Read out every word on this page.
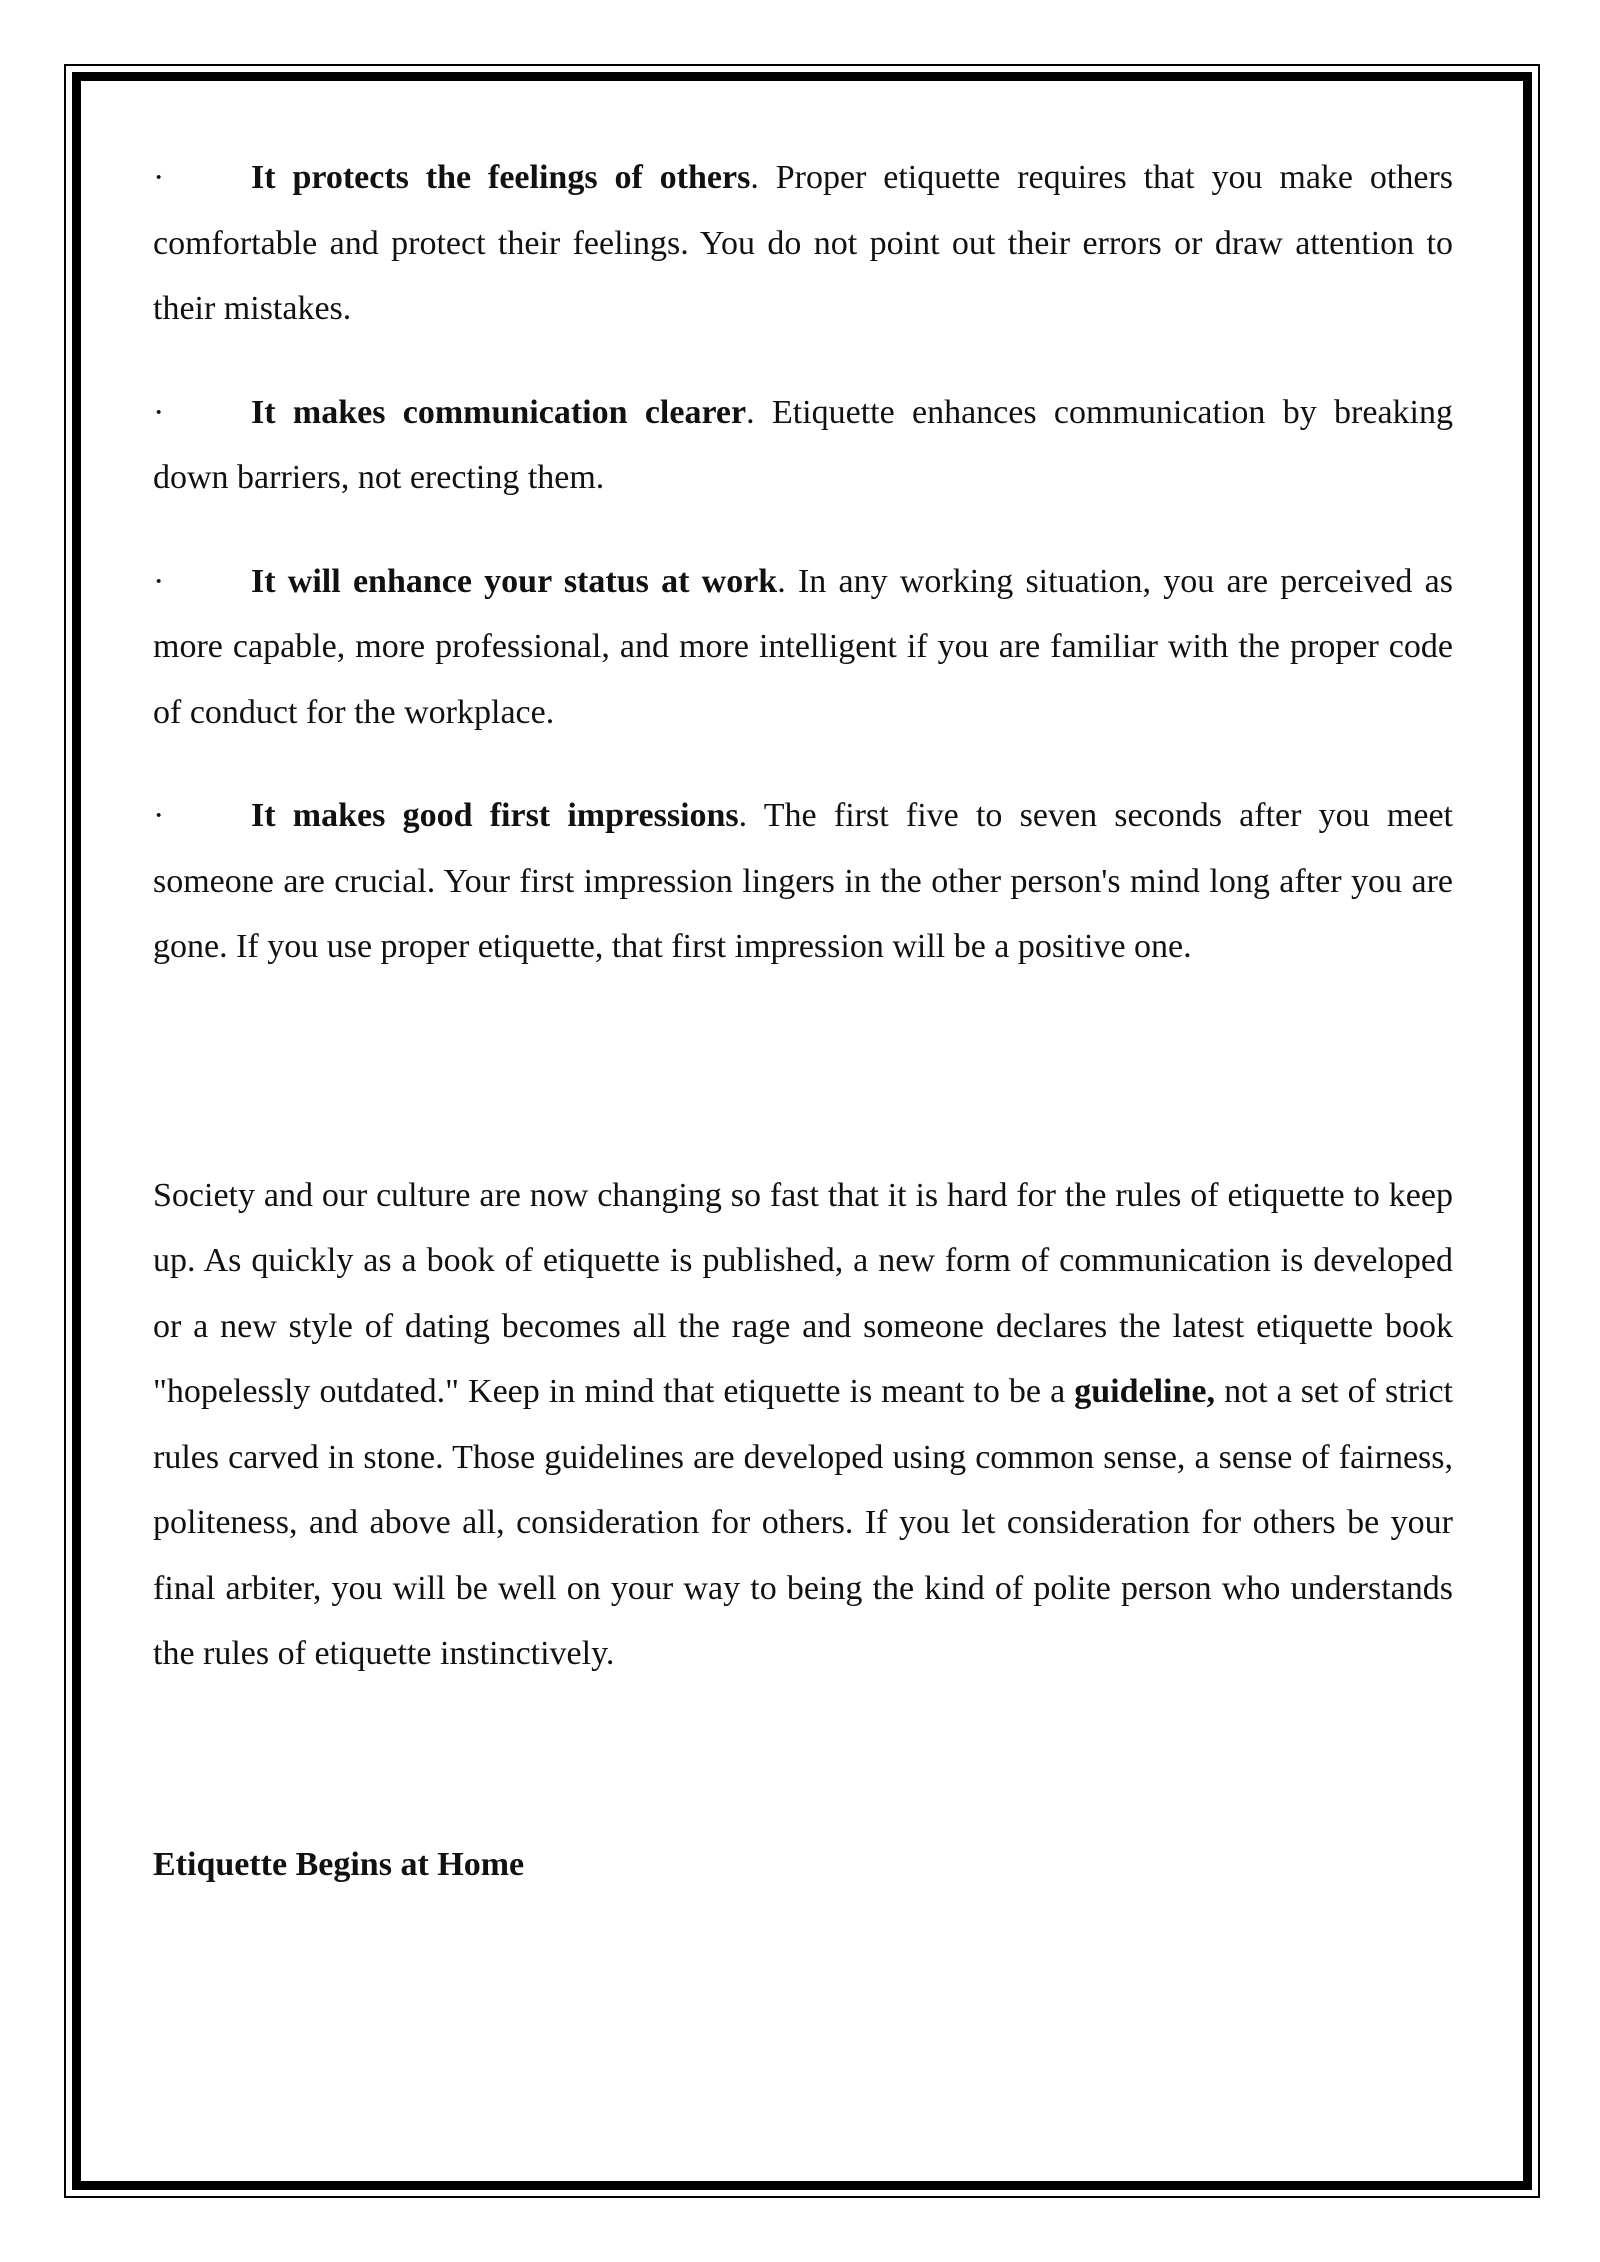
·	It protects the feelings of others. Proper etiquette requires that you make others comfortable and protect their feelings. You do not point out their errors or draw attention to their mistakes.

·	It makes communication clearer. Etiquette enhances communication by breaking down barriers, not erecting them.

·	It will enhance your status at work. In any working situation, you are perceived as more capable, more professional, and more intelligent if you are familiar with the proper code of conduct for the workplace.

·	It makes good first impressions. The first five to seven seconds after you meet someone are crucial. Your first impression lingers in the other person's mind long after you are gone. If you use proper etiquette, that first impression will be a positive one.

Society and our culture are now changing so fast that it is hard for the rules of etiquette to keep up. As quickly as a book of etiquette is published, a new form of communication is developed or a new style of dating becomes all the rage and someone declares the latest etiquette book "hopelessly outdated." Keep in mind that etiquette is meant to be a guideline, not a set of strict rules carved in stone. Those guidelines are developed using common sense, a sense of fairness, politeness, and above all, consideration for others. If you let consideration for others be your final arbiter, you will be well on your way to being the kind of polite person who understands the rules of etiquette instinctively.

Etiquette Begins at Home
